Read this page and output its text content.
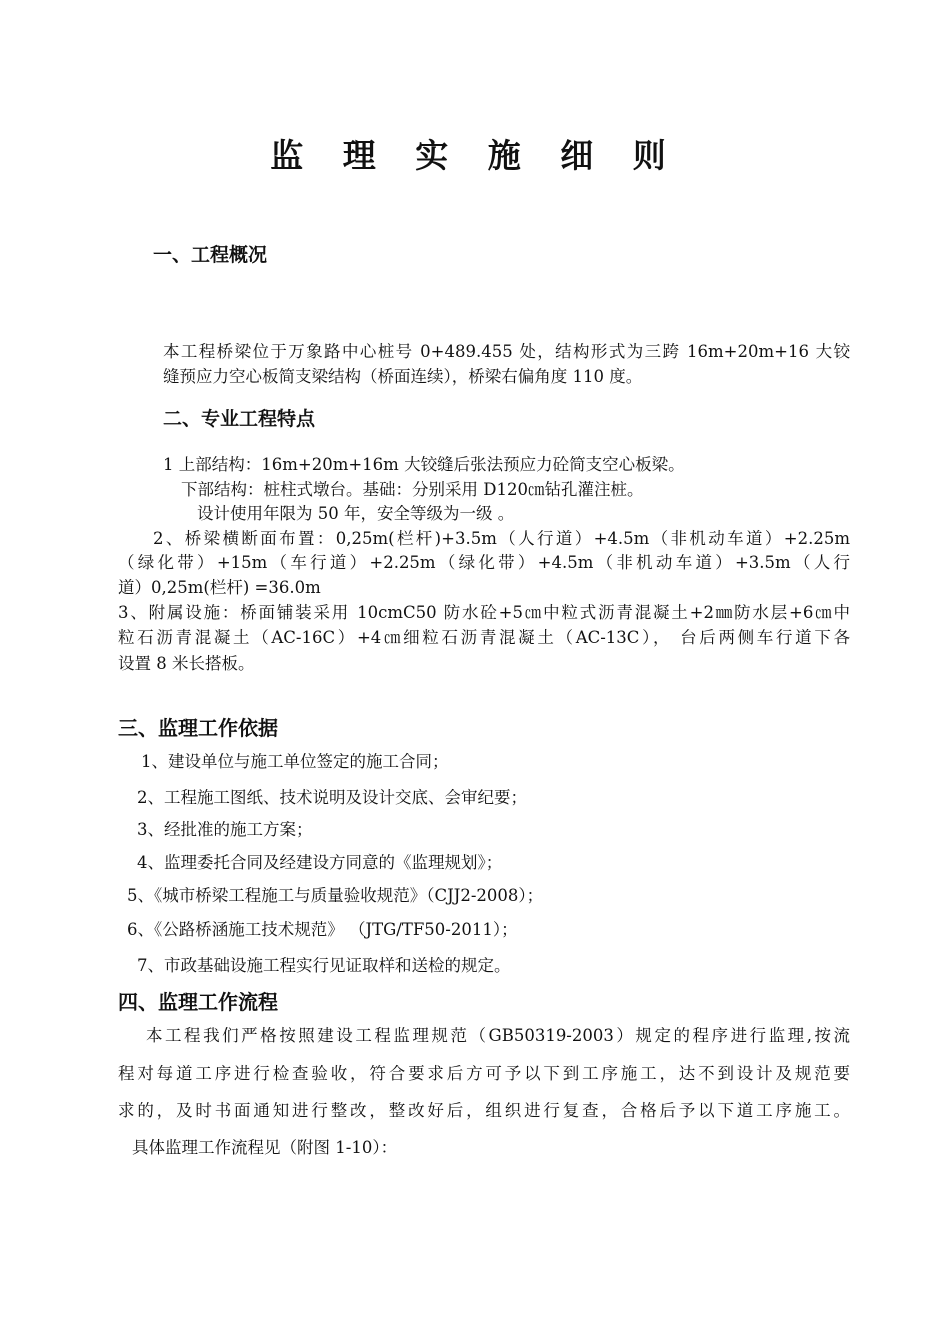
监 理 实 施 细 则
一、工程概况
本工程桥梁位于万象路中心桩号 0+489.455 处，结构形式为三跨 16m+20m+16 大铰
缝预应力空心板简支梁结构（桥面连续），桥梁右偏角度 110 度。
二、专业工程特点
1 上部结构：16m+20m+16m 大铰缝后张法预应力砼简支空心板梁。
下部结构：桩柱式墩台。基础：分别采用 D120㎝钻孔灌注桩。
设计使用年限为 50 年，安全等级为一级 。
2、桥梁横断面布置：0,25m(栏杆)+3.5m（人行道）+4.5m（非机动车道）+2.25m
（绿化带）+15m（车行道）+2.25m（绿化带）+4.5m（非机动车道）+3.5m（人行
道）0,25m(栏杆) =36.0m
3、附属设施：桥面铺装采用 10cmC50 防水砼+5㎝中粒式沥青混凝土+2㎜防水层+6㎝中
粒石沥青混凝土（AC-16C）+4㎝细粒石沥青混凝土（AC-13C）， 台后两侧车行道下各
设置 8 米长搭板。
三、监理工作依据
1、建设单位与施工单位签定的施工合同；
2、工程施工图纸、技术说明及设计交底、会审纪要；
3、经批准的施工方案；
4、监理委托合同及经建设方同意的《监理规划》；
5、《城市桥梁工程施工与质量验收规范》（CJJ2-2008）；
6、《公路桥涵施工技术规范》 （JTG/TF50-2011）；
7、市政基础设施工程实行见证取样和送检的规定。
四、监理工作流程
本工程我们严格按照建设工程监理规范（GB50319-2003）规定的程序进行监理,按流
程对每道工序进行检查验收，符合要求后方可予以下到工序施工，达不到设计及规范要
求的，及时书面通知进行整改，整改好后，组织进行复查，合格后予以下道工序施工。
具体监理工作流程见（附图 1-10）：
